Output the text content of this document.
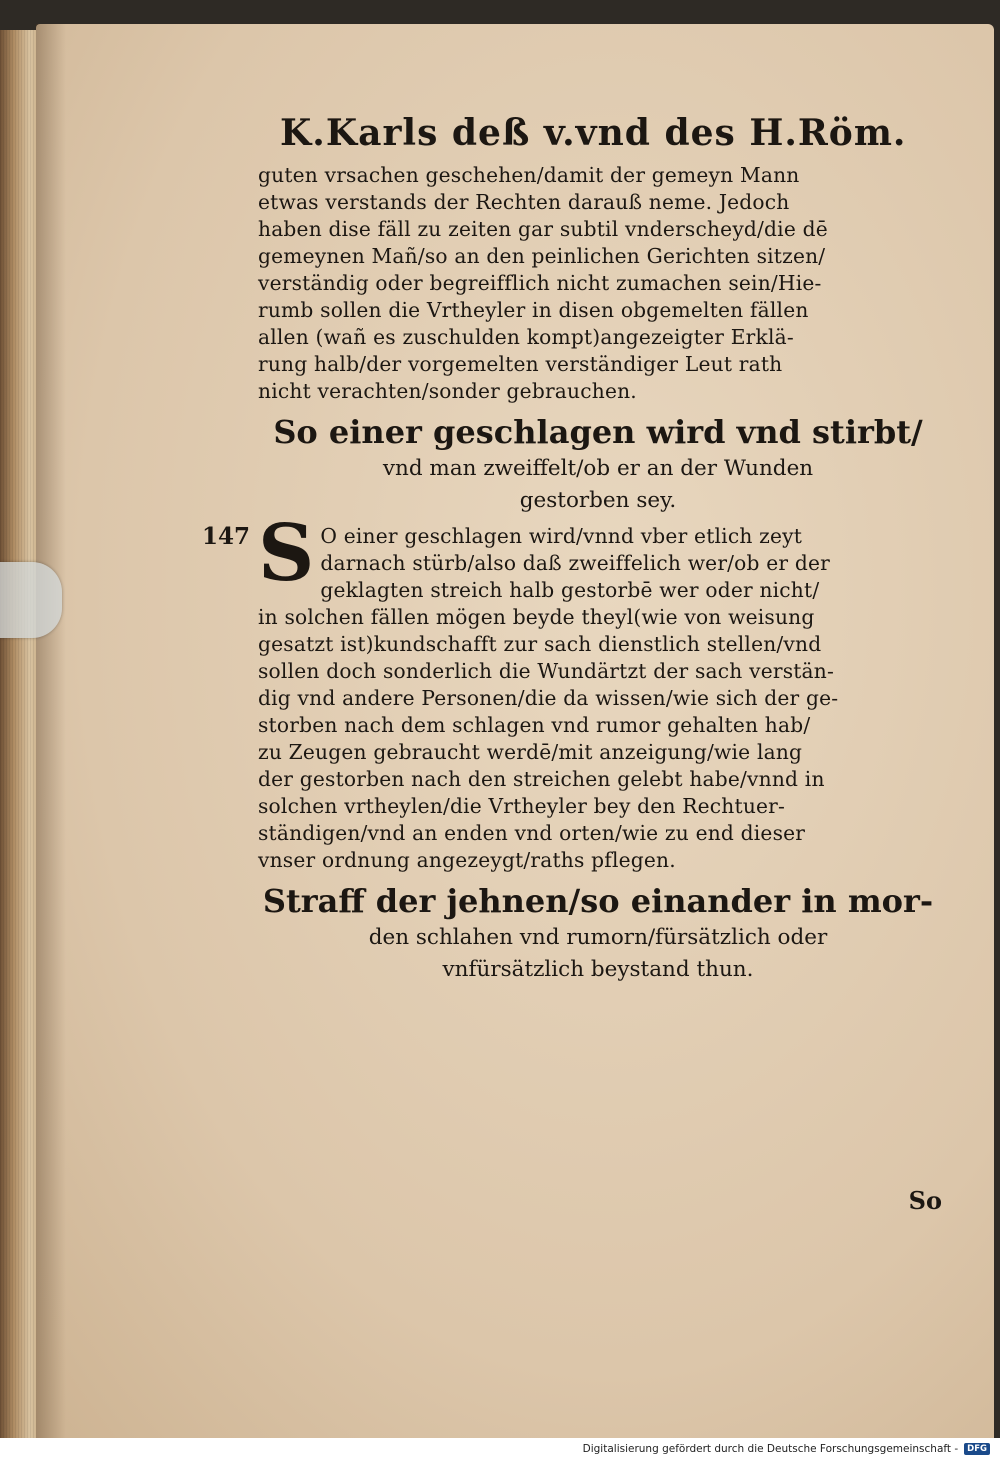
K.Karls deß v.vnd des H.Röm.
guten vrsachen geschehen/damit der gemeyn Mann
etwas verstands der Rechten darauß neme. Jedoch
haben dise fäll zu zeiten gar subtil vnderscheyd/die dē
gemeynen Mañ/so an den peinlichen Gerichten sitzen/
verständig oder begreifflich nicht zumachen sein/Hie-
rumb sollen die Vrtheyler in disen obgemelten fällen
allen (wañ es zuschulden kompt)angezeigter Erklä-
rung halb/der vorgemelten verständiger Leut rath
nicht verachten/sonder gebrauchen.
So einer geschlagen wird vnd stirbt/
vnd man zweiffelt/ob er an der Wunden
gestorben sey.
147 S O einer geschlagen wird/vnnd vber etlich zeyt
darnach stürb/also daß zweiffelich wer/ob er der
geklagten streich halb gestorbē wer oder nicht/
in solchen fällen mögen beyde theyl(wie von weisung
gesatzt ist)kundschafft zur sach dienstlich stellen/vnd
sollen doch sonderlich die Wundärtzt der sach verstän-
dig vnd andere Personen/die da wissen/wie sich der ge-
storben nach dem schlagen vnd rumor gehalten hab/
zu Zeugen gebraucht werdē/mit anzeigung/wie lang
der gestorben nach den streichen gelebt habe/vnnd in
solchen vrtheylen/die Vrtheyler bey den Rechtuer-
ständigen/vnd an enden vnd orten/wie zu end dieser
vnser ordnung angezeygt/raths pflegen.
Straff der jehnen/so einander in mor-
den schlahen vnd rumorn/fürsätzlich oder
vnfürsätzlich beystand thun.
So
Digitalisierung gefördert durch die Deutsche Forschungsgemeinschaft -	DFG
